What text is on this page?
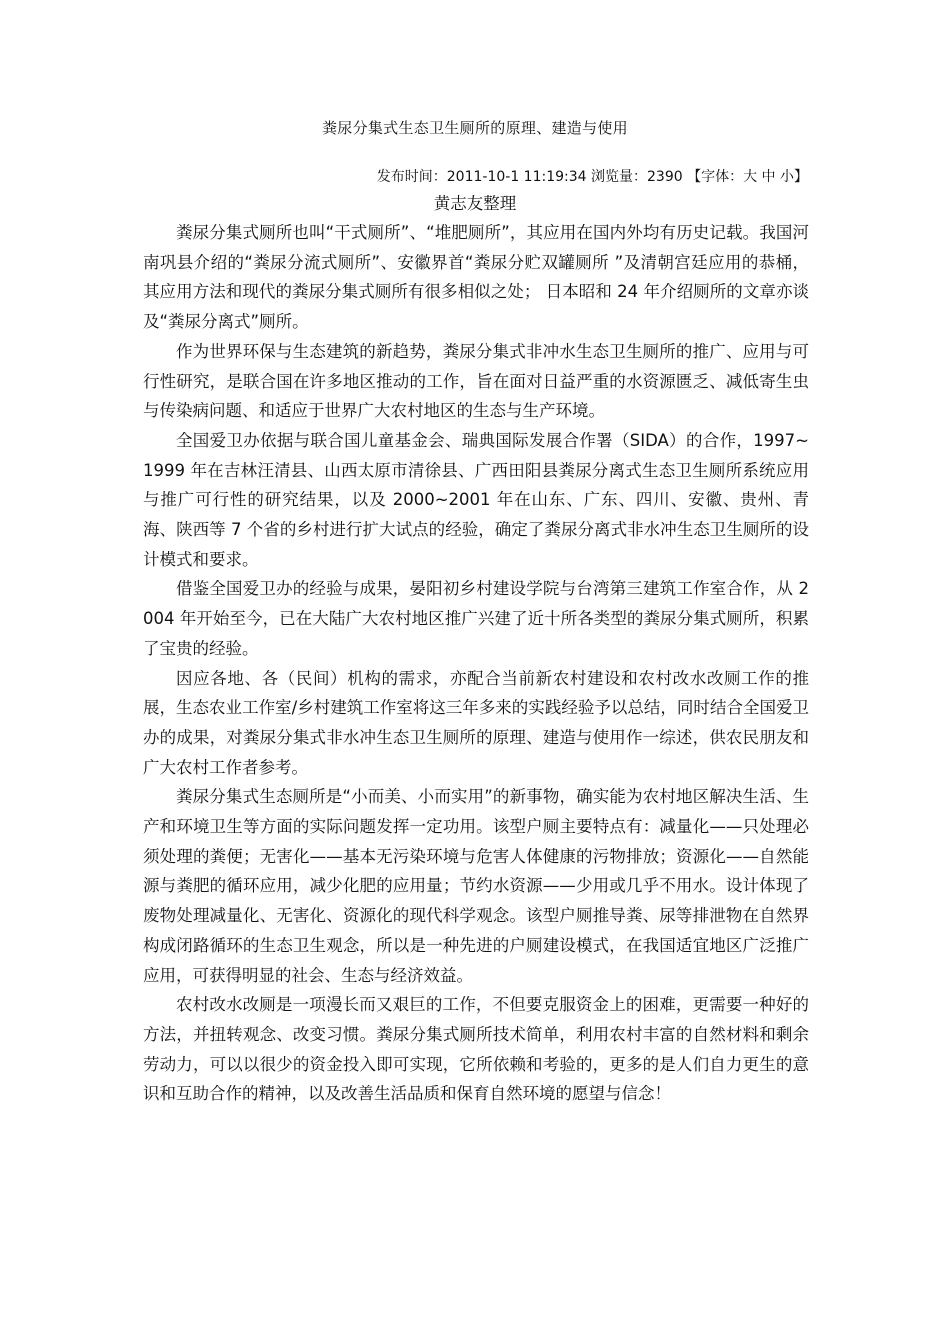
粪尿分集式生态卫生厕所的原理、建造与使用
发布时间：2011-10-1 11:19:34 浏览量：2390 【字体：大 中 小】
黄志友整理

粪尿分集式厕所也叫“干式厕所”、“堆肥厕所”，其应用在国内外均有历史记载。我国河南巩县介绍的“粪尿分流式厕所”、安徽界首“粪尿分贮双罐厕所 ”及清朝宫廷应用的恭桶，其应用方法和现代的粪尿分集式厕所有很多相似之处； 日本昭和 24 年介绍厕所的文章亦谈及“粪尿分离式”厕所。

作为世界环保与生态建筑的新趋势，粪尿分集式非冲水生态卫生厕所的推广、应用与可行性研究，是联合国在许多地区推动的工作，旨在面对日益严重的水资源匮乏、减低寄生虫与传染病问题、和适应于世界广大农村地区的生态与生产环境。

全国爱卫办依据与联合国儿童基金会、瑞典国际发展合作署（SIDA）的合作，1997~1999 年在吉林汪清县、山西太原市清徐县、广西田阳县粪尿分离式生态卫生厕所系统应用与推广可行性的研究结果，以及 2000~2001 年在山东、广东、四川、安徽、贵州、青海、陕西等 7 个省的乡村进行扩大试点的经验，确定了粪尿分离式非水冲生态卫生厕所的设计模式和要求。

借鉴全国爱卫办的经验与成果，晏阳初乡村建设学院与台湾第三建筑工作室合作，从 2004 年开始至今，已在大陆广大农村地区推广兴建了近十所各类型的粪尿分集式厕所，积累了宝贵的经验。

因应各地、各（民间）机构的需求，亦配合当前新农村建设和农村改水改厕工作的推展，生态农业工作室/乡村建筑工作室将这三年多来的实践经验予以总结，同时结合全国爱卫办的成果，对粪尿分集式非水冲生态卫生厕所的原理、建造与使用作一综述，供农民朋友和广大农村工作者参考。

粪尿分集式生态厕所是“小而美、小而实用”的新事物，确实能为农村地区解决生活、生产和环境卫生等方面的实际问题发挥一定功用。该型户厕主要特点有：减量化——只处理必须处理的粪便；无害化——基本无污染环境与危害人体健康的污物排放；资源化——自然能源与粪肥的循环应用，减少化肥的应用量；节约水资源——少用或几乎不用水。设计体现了废物处理减量化、无害化、资源化的现代科学观念。该型户厕推导粪、尿等排泄物在自然界构成闭路循环的生态卫生观念，所以是一种先进的户厕建设模式，在我国适宜地区广泛推广应用，可获得明显的社会、生态与经济效益。

农村改水改厕是一项漫长而又艰巨的工作，不但要克服资金上的困难，更需要一种好的方法，并扭转观念、改变习惯。粪尿分集式厕所技术简单，利用农村丰富的自然材料和剩余劳动力，可以以很少的资金投入即可实现，它所依赖和考验的，更多的是人们自力更生的意识和互助合作的精神，以及改善生活品质和保育自然环境的愿望与信念！
